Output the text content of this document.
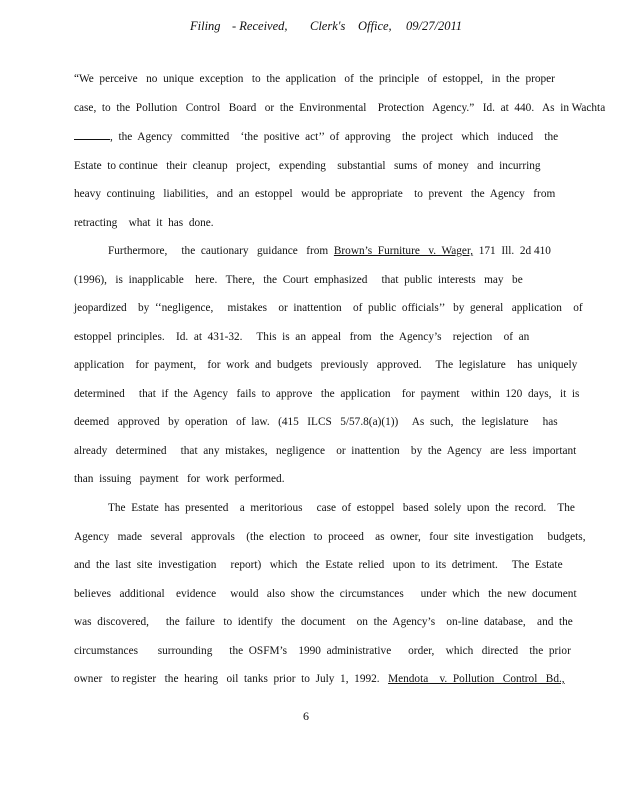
Filing - Received, Clerk's Office, 09/27/2011
“We  perceive   no  unique  exception   to  the  application   of  the  principle   of  estoppel,   in  the  proper
case,  to  the  Pollution   Control   Board   or  the  Environmental    Protection   Agency.”   Id.  at  440.   As  in Wachta
,  the  Agency   committed    ‘the  positive  act’’  of  approving    the  project   which   induced    the
Estate  to continue   their  cleanup   project,   expending    substantial   sums  of  money   and  incurring
heavy  continuing   liabilities,   and  an  estoppel   would  be  appropriate    to  prevent   the  Agency   from
retracting    what  it  has  done.
Furthermore,     the  cautionary   guidance   from  Brown’s  Furniture   v.  Wager,  171  Ill.  2d 410
(1996),   is  inapplicable    here.   There,   the  Court  emphasized     that  public  interests   may   be
jeopardized    by  ‘‘negligence,     mistakes    or  inattention    of  public  officials’’   by  general   application    of
estoppel  principles.    Id.  at  431-32.     This  is  an  appeal   from   the  Agency’s    rejection    of  an
application    for  payment,    for  work  and  budgets   previously   approved.     The  legislature    has  uniquely
determined     that  if  the  Agency   fails  to  approve   the  application    for  payment    within  120  days,   it  is
deemed   approved   by  operation   of  law.   (415   ILCS   5/57.8(a)(1))     As  such,   the  legislature     has
already   determined     that  any  mistakes,   negligence    or  inattention    by  the  Agency   are  less  important
than  issuing   payment   for  work  performed.
The  Estate  has  presented    a  meritorious     case  of  estoppel   based  solely  upon  the  record.    The
Agency   made   several   approvals    (the  election   to  proceed    as  owner,   four  site  investigation     budgets,
and  the  last  site  investigation     report)   which   the  Estate  relied   upon  to  its  detriment.     The  Estate
believes   additional    evidence     would   also  show  the  circumstances      under  which   the  new  document
was  discovered,      the  failure   to  identify   the  document    on  the  Agency’s    on-line  database,    and  the
circumstances       surrounding      the  OSFM’s    1990  administrative      order,    which   directed    the  prior
owner   to register   the  hearing   oil  tanks  prior  to  July  1,  1992.   Mendota    v.  Pollution   Control   Bd.,
6
